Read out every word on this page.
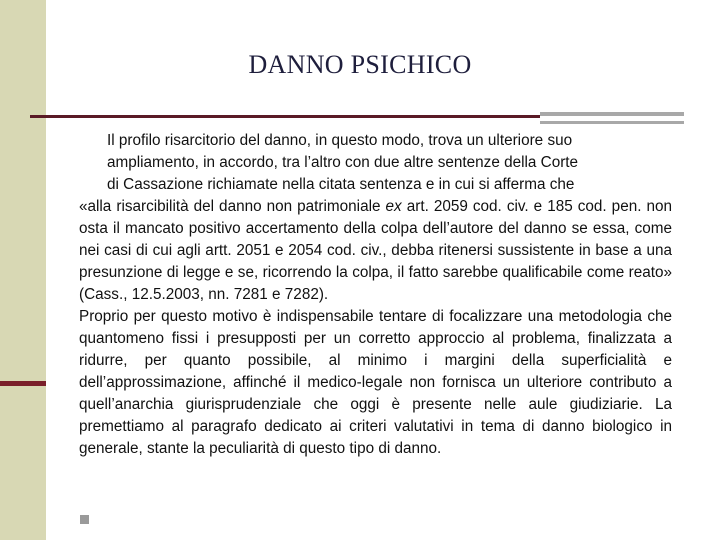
DANNO PSICHICO
Il profilo risarcitorio del danno, in questo modo, trova un ulteriore suo
ampliamento, in accordo, tra l’altro con due altre sentenze della Corte
di Cassazione richiamate nella citata sentenza e in cui si afferma che
«alla risarcibilità del danno non patrimoniale ex art. 2059 cod. civ. e 185 cod. pen. non osta il mancato positivo accertamento della colpa dell’autore del danno se essa, come nei casi di cui agli artt. 2051 e 2054 cod. civ., debba ritenersi sussistente in base a una presunzione di legge e se, ricorrendo la colpa, il fatto sarebbe qualificabile come reato» (Cass., 12.5.2003, nn. 7281 e 7282).
Proprio per questo motivo è indispensabile tentare di focalizzare una metodologia che quantomeno fissi i presupposti per un corretto approccio al problema, finalizzata a ridurre, per quanto possibile, al minimo i margini della superficialità e dell’approssimazione, affinché il medico-legale non fornisca un ulteriore contributo a quell’anarchia giurisprudenziale che oggi è presente nelle aule giudiziarie. La premettiamo al paragrafo dedicato ai criteri valutativi in tema di danno biologico in generale, stante la peculiarità di questo tipo di danno.
